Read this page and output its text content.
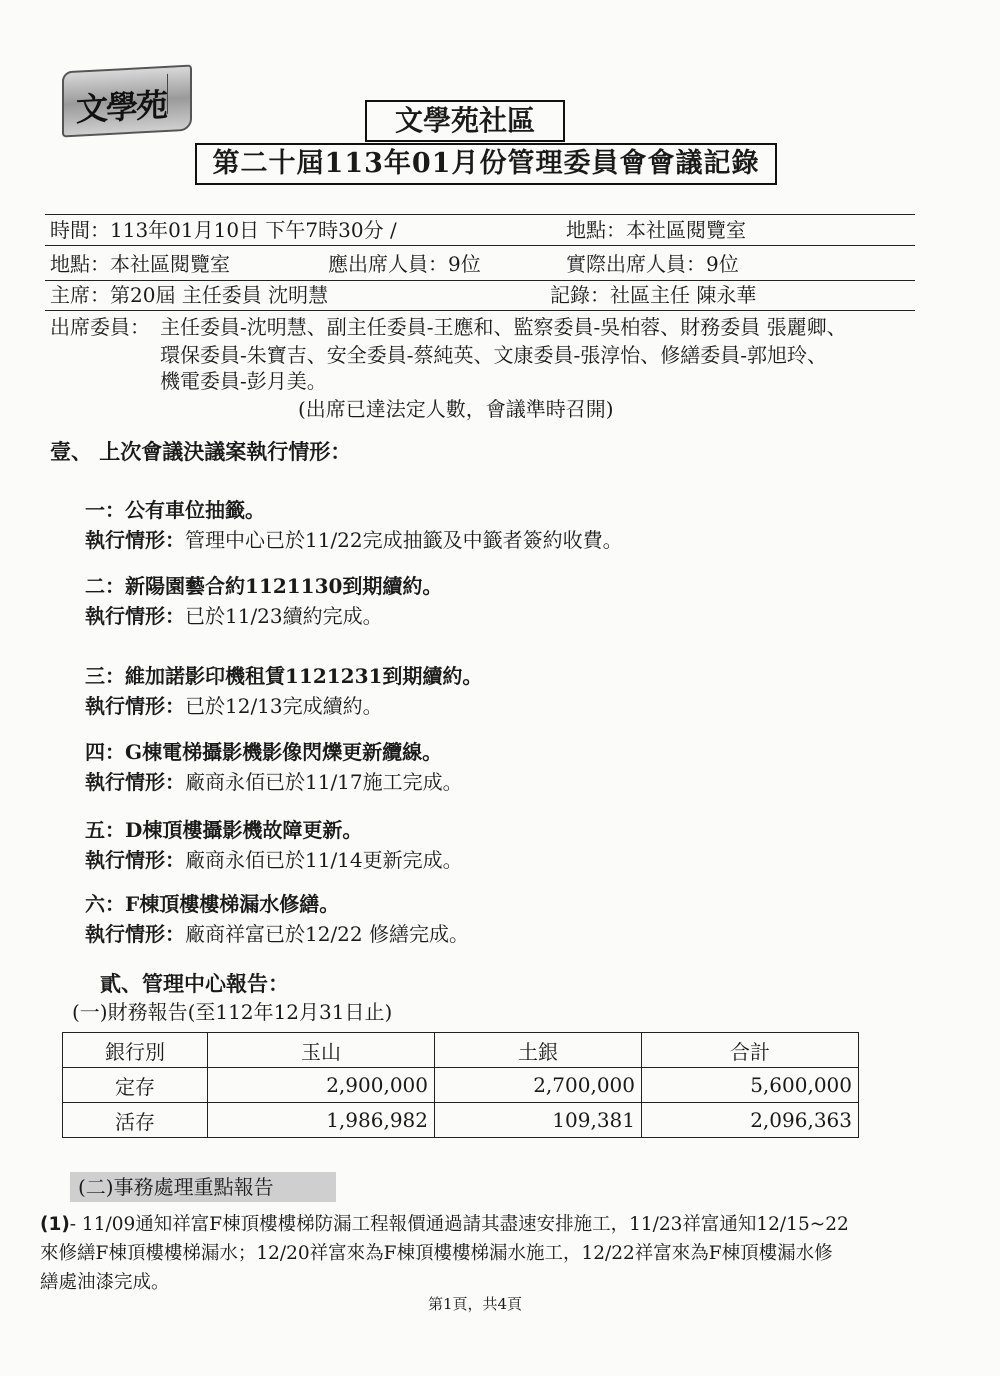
文學苑	文學苑社區
第二十屆113年01月份管理委員會會議記錄
時間：113年01月10日 下午7時30分 /	地點：本社區閱覽室
地點：本社區閱覽室	應出席人員：9位	實際出席人員：9位
主席：第20屆 主任委員 沈明慧	記錄：社區主任 陳永華
出席委員： 主任委員-沈明慧、副主任委員-王應和、監察委員-吳柏蓉、財務委員 張麗卿、
環保委員-朱寶吉、安全委員-蔡純英、文康委員-張淳怡、修繕委員-郭旭玲、
機電委員-彭月美。
(出席已達法定人數，會議準時召開)
壹、 上次會議決議案執行情形：
一：公有車位抽籤。
執行情形：管理中心已於11/22完成抽籤及中籤者簽約收費。
二：新陽園藝合約1121130到期續約。
執行情形：已於11/23續約完成。
三：維加諾影印機租賃1121231到期續約。
執行情形：已於12/13完成續約。
四：G棟電梯攝影機影像閃爍更新纜線。
執行情形：廠商永佰已於11/17施工完成。
五：D棟頂樓攝影機故障更新。
執行情形：廠商永佰已於11/14更新完成。
六：F棟頂樓樓梯漏水修繕。
執行情形：廠商祥富已於12/22 修繕完成。
貳、管理中心報告：
(一)財務報告(至112年12月31日止)
銀行別	玉山	土銀	合計
定存	2,900,000	2,700,000	5,600,000
活存	1,986,982	109,381	2,096,363
(二)事務處理重點報告
(1)- 11/09通知祥富F棟頂樓樓梯防漏工程報價通過請其盡速安排施工，11/23祥富通知12/15~22
來修繕F棟頂樓樓梯漏水；12/20祥富來為F棟頂樓樓梯漏水施工，12/22祥富來為F棟頂樓漏水修
繕處油漆完成。
第1頁，共4頁
